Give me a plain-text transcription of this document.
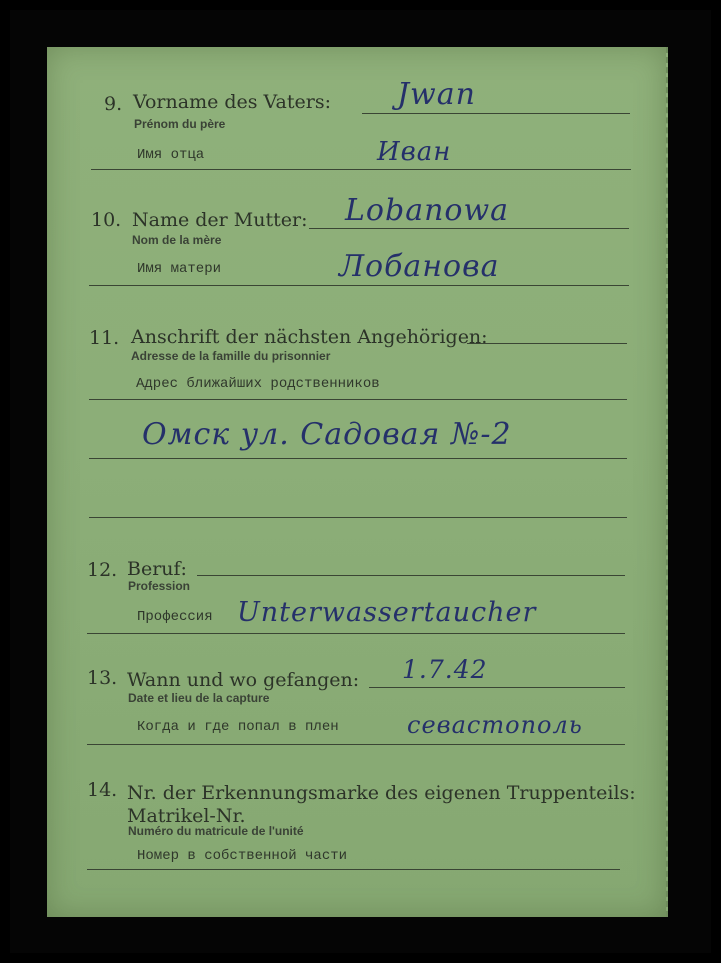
9. Vorname des Vaters:
Prénom du père
Jwan
Имя отца	Иван
10. Name der Mutter:
Nom de la mère
Lobanowa
Имя матери	Лобанова
11. Anschrift der nächsten Angehörigen:
Adresse de la famille du prisonnier
Адрес ближайших родственников
Омск ул. Садовая №-2
12. Beruf:
Profession
Профессия Unterwassertaucher
13. Wann und wo gefangen:
Date et lieu de la capture
1.7.42
Когда и где попал в плен	севастополь
14. Nr. der Erkennungsmarke des eigenen Truppenteils:
Matrikel-Nr.
Numéro du matricule de l'unité
Номер в собственной части
